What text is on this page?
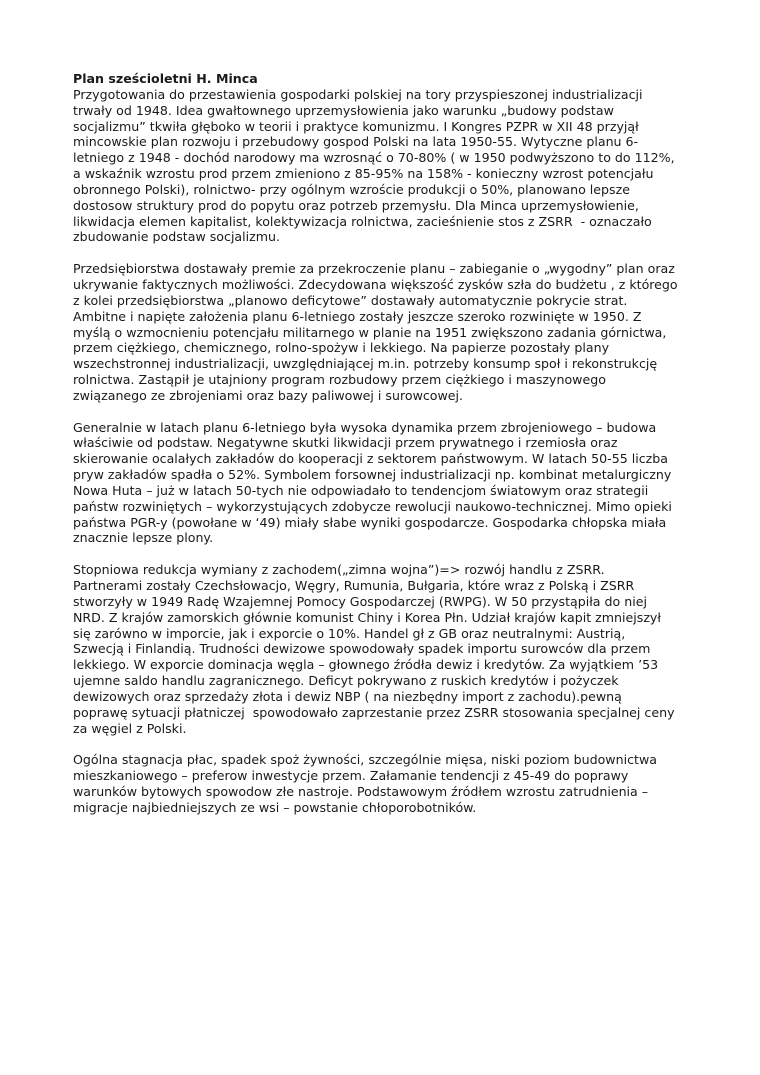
Plan sześcioletni H. Minca
Przygotowania do przestawienia gospodarki polskiej na tory przyspieszonej industrializacji
trwały od 1948. Idea gwałtownego uprzemysłowienia jako warunku „budowy podstaw
socjalizmu” tkwiła głęboko w teorii i praktyce komunizmu. I Kongres PZPR w XII 48 przyjął
mincowskie plan rozwoju i przebudowy gospod Polski na lata 1950-55. Wytyczne planu 6-
letniego z 1948 - dochód narodowy ma wzrosnąć o 70-80% ( w 1950 podwyższono to do 112%,
a wskaźnik wzrostu prod przem zmieniono z 85-95% na 158% - konieczny wzrost potencjału
obronnego Polski), rolnictwo- przy ogólnym wzroście produkcji o 50%, planowano lepsze
dostosow struktury prod do popytu oraz potrzeb przemysłu. Dla Minca uprzemysłowienie,
likwidacja elemen kapitalist, kolektywizacja rolnictwa, zacieśnienie stos z ZSRR  - oznaczało
zbudowanie podstaw socjalizmu.
Przedsiębiorstwa dostawały premie za przekroczenie planu – zabieganie o „wygodny” plan oraz
ukrywanie faktycznych możliwości. Zdecydowana większość zysków szła do budżetu , z którego
z kolei przedsiębiorstwa „planowo deficytowe” dostawały automatycznie pokrycie strat.
Ambitne i napięte założenia planu 6-letniego zostały jeszcze szeroko rozwinięte w 1950. Z
myślą o wzmocnieniu potencjału militarnego w planie na 1951 zwiększono zadania górnictwa,
przem ciężkiego, chemicznego, rolno-spożyw i lekkiego. Na papierze pozostały plany
wszechstronnej industrializacji, uwzględniającej m.in. potrzeby konsump społ i rekonstrukcję
rolnictwa. Zastąpił je utajniony program rozbudowy przem ciężkiego i maszynowego
związanego ze zbrojeniami oraz bazy paliwowej i surowcowej.
Generalnie w latach planu 6-letniego była wysoka dynamika przem zbrojeniowego – budowa
właściwie od podstaw. Negatywne skutki likwidacji przem prywatnego i rzemiosła oraz
skierowanie ocalałych zakładów do kooperacji z sektorem państwowym. W latach 50-55 liczba
pryw zakładów spadła o 52%. Symbolem forsownej industrializacji np. kombinat metalurgiczny
Nowa Huta – już w latach 50-tych nie odpowiadało to tendencjom światowym oraz strategii
państw rozwiniętych – wykorzystujących zdobycze rewolucji naukowo-technicznej. Mimo opieki
państwa PGR-y (powołane w ‘49) miały słabe wyniki gospodarcze. Gospodarka chłopska miała
znacznie lepsze plony.
Stopniowa redukcja wymiany z zachodem(„zimna wojna”)=> rozwój handlu z ZSRR.
Partnerami zostały Czechsłowacjo, Węgry, Rumunia, Bułgaria, które wraz z Polską i ZSRR
stworzyły w 1949 Radę Wzajemnej Pomocy Gospodarczej (RWPG). W 50 przystąpiła do niej
NRD. Z krajów zamorskich głównie komunist Chiny i Korea Płn. Udział krajów kapit zmniejszył
się zarówno w imporcie, jak i exporcie o 10%. Handel gł z GB oraz neutralnymi: Austrią,
Szwecją i Finlandią. Trudności dewizowe spowodowały spadek importu surowców dla przem
lekkiego. W exporcie dominacja węgla – głownego źródła dewiz i kredytów. Za wyjątkiem ’53
ujemne saldo handlu zagranicznego. Deficyt pokrywano z ruskich kredytów i pożyczek
dewizowych oraz sprzedaży złota i dewiz NBP ( na niezbędny import z zachodu).pewną
poprawę sytuacji płatniczej  spowodowało zaprzestanie przez ZSRR stosowania specjalnej ceny
za węgiel z Polski.
Ogólna stagnacja płac, spadek spoż żywności, szczególnie mięsa, niski poziom budownictwa
mieszkaniowego – preferow inwestycje przem. Załamanie tendencji z 45-49 do poprawy
warunków bytowych spowodow złe nastroje. Podstawowym źródłem wzrostu zatrudnienia –
migracje najbiedniejszych ze wsi – powstanie chłoporobotników.
